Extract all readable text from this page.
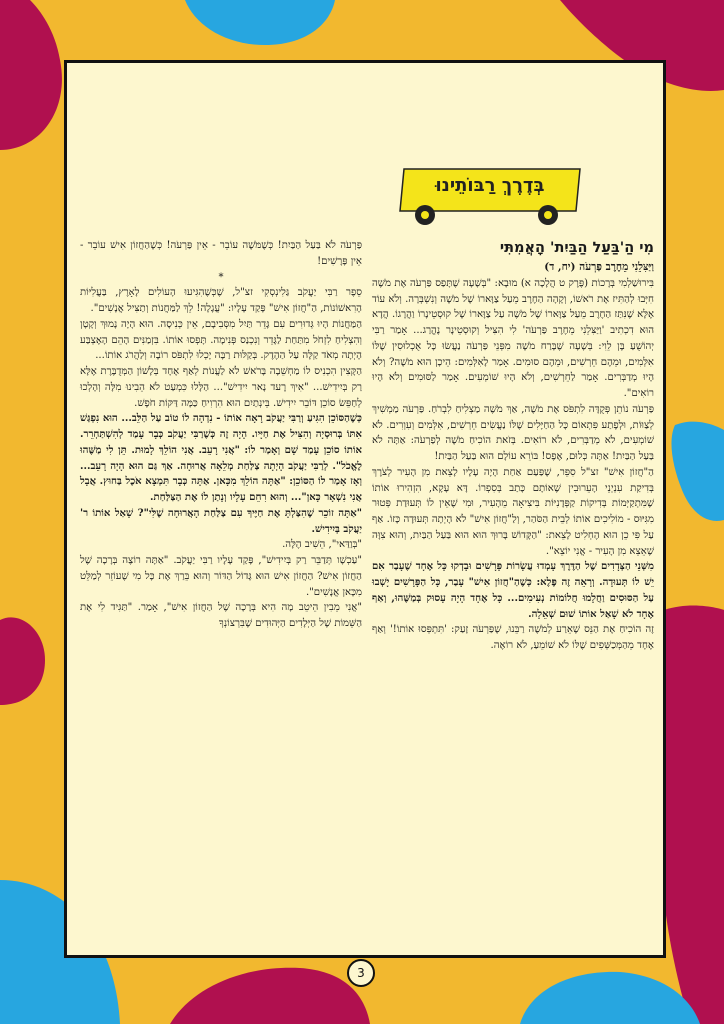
בְּדֶרֶךְ רַבּוֹתֵינוּ

מִי הַ'בַּעַל הַבַּיִת' הָאֲמִתִּי

וַיַּצִּלֵנִי מֵחֶרֶב פַּרְעֹה (יח, ד)

בִּירוּשַׁלְמִי בְּרָכוֹת (פֶּרֶק ט הֲלָכָה א) מוּבָא: "בְּשָׁעָה שֶׁתָּפַס פַּרְעֹה אֶת מֹשֶׁה חִיְּבוּ לְהַתִּיז אֶת רֹאשׁוֹ, וְקָהָה הַחֶרֶב מֵעַל צַוָּארוֹ שֶׁל מֹשֶׁה וְנִשְׁבְּרָה. וְלֹא עוֹד אֶלָּא שֶׁנִּתַּז הַחֶרֶב מֵעַל צַוָּארוֹ שֶׁל מֹשֶׁה עַל צַוָּארוֹ שֶׁל קוּסְטֵינָרוֹ וַהֲרָגוֹ. הֲדָא הוּא דִכְתִיב 'וַיַּצִּלֵנִי מֵחֶרֶב פַּרְעֹה' לִי הִצִּיל וְקוּסְטֵינָר נֶהֱרַג... אָמַר רַבִּי יְהוֹשֻׁעַ בֶּן לֵוִי: בְּשָׁעָה שֶׁבָּרַח מֹשֶׁה מִפְּנֵי פַּרְעֹה נַעֲשׂוּ כָּל אֻכְלוּסִין שֶׁלּוֹ אִלְּמִים, וּמֵהֶם חֵרְשִׁים, וּמֵהֶם סוּמִים. אָמַר לָאִלְּמִים: הֵיכָן הוּא מֹשֶׁה? וְלֹא הָיוּ מְדַבְּרִים. אָמַר לַחֵרְשִׁים, וְלֹא הָיוּ שׁוֹמְעִים. אָמַר לַסּוּמִים וְלֹא הָיוּ רוֹאִים".

פַּרְעֹה נוֹתֵן פְּקֻדָּה לִתְפֹּס אֶת מֹשֶׁה, אַךְ מֹשֶׁה מַצְלִיחַ לִבְרֹחַ. פַּרְעֹה מַמְשִׁיךְ לְצַוּוֹת, וּלְפֶתַע פִּתְאוֹם כָּל הַחַיָּלִים שֶׁלּוֹ נַעֲשִׂים חֵרְשִׁים, אִלְּמִים וְעִוְרִים. לֹא שׁוֹמְעִים, לֹא מְדַבְּרִים, לֹא רוֹאִים. בְּזֹאת הוֹכִיחַ מֹשֶׁה לְפַרְעֹה: אַתָּה לֹא בַּעַל הַבַּיִת! אַתָּה כְּלוּם, אֶפֶס! בּוֹרֵא עוֹלָם הוּא בַּעַל הַבַּיִת!

הַ"חֲזוֹן אִישׁ" זצ"ל סִפֵּר, שֶׁפַּעַם אַחַת הָיָה עָלָיו לָצֵאת מִן הָעִיר לְצֹרֶךְ בְּדִיקַת עִנְיְנֵי הָעֵרוּבִין שֶׁאוֹתָם כָּתַב בְּסִפְרוֹ. דָּא עָקָא, הִזְהִירוּ אוֹתוֹ שֶׁמִּתְקַיְּמוֹת בְּדִיקוֹת קַפְּדָנִיּוֹת בִּיצִיאָה מֵהָעִיר, וּמִי שֶׁאֵין לוֹ תְּעוּדַת פְּטוּר מִגִּיּוּס - מוֹלִיכִים אוֹתוֹ לְבֵית הַסֹּהַר, וְלַ"חֲזוֹן אִישׁ" לֹא הָיְתָה תְּעוּדָה כָּזוֹ. אַף עַל פִּי כֵן הוּא הֶחְלִיט לָצֵאת: "הַקָּדוֹשׁ בָּרוּךְ הוּא הוּא בַּעַל הַבַּיִת, וְהוּא צִוָּה שֶׁאֵצֵא מִן הָעִיר - אֲנִי יוֹצֵא".

מִשְּׁנֵי הַצְּדָדִים שֶׁל הַדֶּרֶךְ עָמְדוּ עֲשָׂרוֹת פָּרָשִׁים וּבָדְקוּ כָּל אֶחָד שֶׁעָבַר אִם יֵשׁ לוֹ תְּעוּדָה. וְרָאֵה זֶה פֶּלֶא: כְּשֶׁהַ"חֲזוֹן אִישׁ" עָבַר, כָּל הַפָּרָשִׁים יָשְׁבוּ עַל הַסּוּסִים וַחֲלָמוּ חֲלוֹמוֹת נְעִימִים... כָּל אֶחָד הָיָה עָסוּק בְּמַשֶּׁהוּ, וְאַף אֶחָד לֹא שָׁאַל אוֹתוֹ שׁוּם שְׁאֵלָה.

זֶה הוֹכִיחַ אֶת הַנֵּס שֶׁאֵרַע לְמֹשֶׁה רַבֵּנוּ, שֶׁפַּרְעֹה זָעַק: 'תִּתְפְּסוּ אוֹתוֹ!' וְאַף אֶחָד מֵהַמְּכַשְּׁפִים שֶׁלּוֹ לֹא שׁוֹמֵעַ, לֹא רוֹאֶה.

פַּרְעֹה לֹא בַּעַל הַבַּיִת! כְּשֶׁמֹּשֶׁה עוֹבֵר - אֵין פַּרְעֹה! כְּשֶׁהַחֲזוֹן אִישׁ עוֹבֵר - אֵין פָּרָשִׁים!

*

סֵפֶר רַבִּי יַעֲקֹב גַּלִינְסְקִי זצ"ל, שֶׁכְּשֶׁהִגִּיעוּ הָעוֹלִים לָאָרֶץ, בַּעֲלִיּוֹת הָרִאשׁוֹנוֹת, הַ"חֲזוֹן אִישׁ" פָּקַד עָלָיו: "עֲגָלָה! לֵךְ לַמַּחֲנוֹת וְתַצִּיל אֲנָשִׁים".

הַמַּחֲנוֹת הָיוּ גְּדוּרִים עִם גָּדֵר תַּיִל מִסְּבִיבָם, אֵין כְּנִיסָה. הוּא הָיָה נָמוּךְ וְקָטָן וְהִצְלִיחַ לִזְחֹל מִתַּחַת לַגָּדֵר וְנִכְנַס פְּנִימָה. תָּפְסוּ אוֹתוֹ. בִּזְמַנִּים הָהֵם הָאֶצְבַּע הָיְתָה מְאֹד קַלָּה עַל הַהֶדֶק. בְּקַלּוּת רַבָּה יָכְלוּ לִתְפֹּס רוֹבֶה וְלַהֲרֹג אוֹתוֹ...

הַקָּצִין הִכְנִיס לוֹ מַחְשֵׁבָה בָּרֹאשׁ לֹא לַעֲנוֹת לְאַף אֶחָד בְּלָשׁוֹן הַמְּדֻבֶּרֶת אֶלָּא רַק בְּיִידִישׁ... "אִיךְ רֶעד נָאר יִידִישׁ"... הַלָּלוּ כִּמְעַט לֹא הֵבִינוּ מִלָּה וְהָלְכוּ לְחַפֵּשׂ סוֹכֵן דּוֹבֵר יִידִישׁ. בֵּינְתַיִם הוּא הִרְוִיחַ כַּמָּה דַּקּוֹת חֹפֶשׁ.

כְּשֶׁהַסּוֹכֵן הִגִּיעַ וְרַבִּי יַעֲקֹב רָאָה אוֹתוֹ - נִדְהָה לוֹ טוֹב עַל הַלֵּב... הוּא נִפְגַּשׁ אִתּוֹ בְּרוּסְיָה וְהִצִּיל אֶת חַיָּיו. הָיָה זֶה כְּשֶׁרַבִּי יַעֲקֹב כְּבָר עָמַד לְהִשְׁתַּחְרֵר. אוֹתוֹ סוֹכֵן עָמַד שָׁם וְאָמַר לוֹ: "אֲנִי רָעֵב. אֲנִי הוֹלֵךְ לָמוּת. תֵּן לִי מַשֶּׁהוּ לֶאֱכֹל". לְרַבִּי יַעֲקֹב הָיְתָה צַלַּחַת מְלֵאָה אֲרוּחָה. אַךְ גַּם הוּא הָיָה רָעֵב... וְאָז אָמַר לוֹ הַסּוֹכֵן: "אַתָּה הוֹלֵךְ מִכָּאן. אַתָּה כְּבָר תִּמְצָא אֹכֶל בַּחוּץ. אֲבָל אֲנִי נִשְׁאָר כָּאן"... וְהוּא רִחֵם עָלָיו וְנָתַן לוֹ אֶת הַצַּלַּחַת.

"אַתָּה זוֹכֵר שֶׁהִצַּלְתָּ אֶת חַיֶּיךָ עִם צַלַּחַת הָאֲרוּחָה שֶׁלִּי"? שָׁאַל אוֹתוֹ ר' יַעֲקֹב בְּיִידִישׁ.

"בְּוַדַּאי", הֵשִׁיב הֶלָּה.

"עַכְשָׁו תְּדַבֵּר רַק בְּיִידִישׁ", פָּקַד עָלָיו רַבִּי יַעֲקֹב. "אַתָּה רוֹצֶה בְּרָכָה שֶׁל הַחֲזוֹן אִישׁ? הַחֲזוֹן אִישׁ הוּא גָּדוֹל הַדּוֹר וְהוּא בֵּרַךְ אֶת כָּל מִי שֶׁעוֹזֵר לְמַלֵּט מִכָּאן אֲנָשִׁים".

"אֲנִי מֵבִין הֵיטֵב מָה הִיא בְּרָכָה שֶׁל הַחֲזוֹן אִישׁ", אָמַר. "תַּגִּיד לִי אֶת הַשֵּׁמוֹת שֶׁל הַיְּלָדִים הַיְּהוּדִים שֶׁבִּרְצוֹנְךָ

3
